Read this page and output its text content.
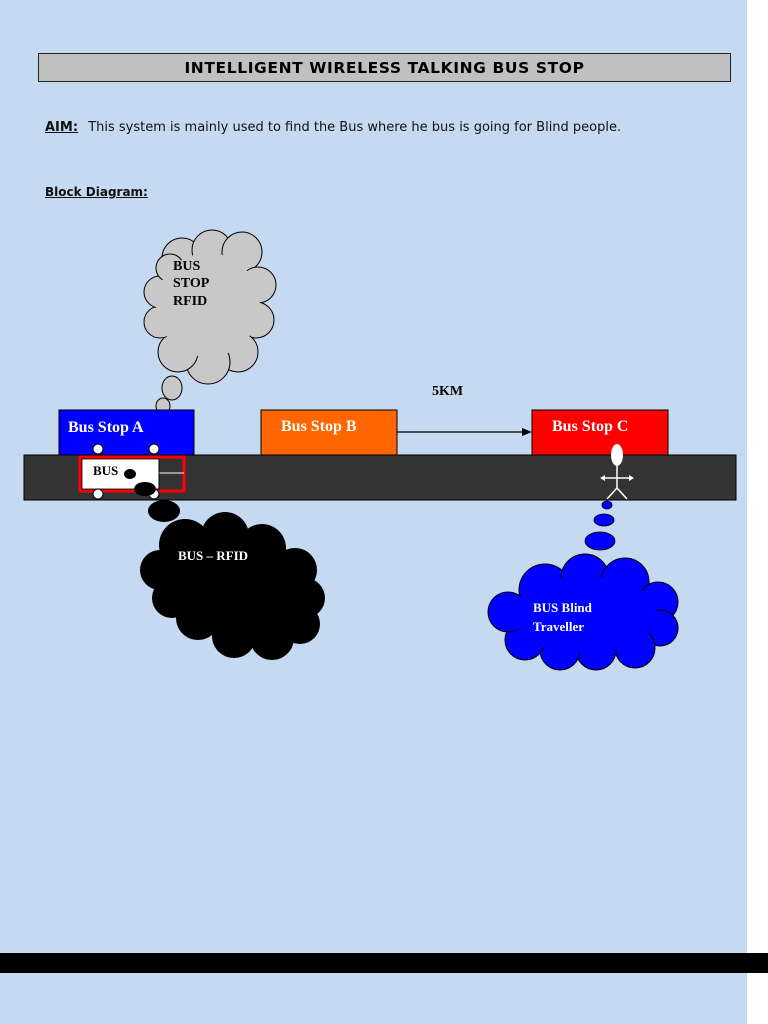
INTELLIGENT WIRELESS TALKING BUS STOP
AIM: This system is mainly used to find the Bus where he bus is going for Blind people.
Block Diagram:
BUS STOP RFID
5KM
Bus Stop A	Bus Stop B	Bus Stop C
BUS
BUS – RFID
BUS Blind Traveller
